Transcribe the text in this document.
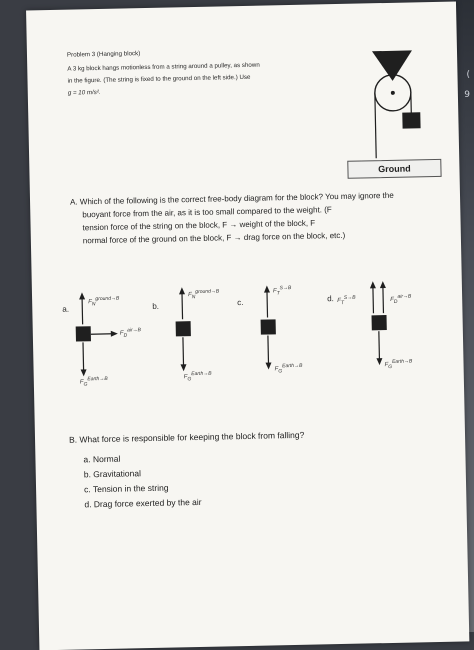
(
9
Problem 3 (Hanging block)
A 3 kg block hangs motionless from a string around a pulley, as shown
in the figure. (The string is fixed to the ground on the left side.) Use
g = 10 m/s².
Ground
A. Which of the following is the correct free-body diagram for the block? You may ignore the
buoyant force from the air, as it is too small compared to the weight. (F
tension force of the string on the block, F → weight of the block, F
normal force of the ground on the block, F → drag force on the block, etc.)
a.
$F_N^{ground\to B}$
$F_D^{air\to B}$
$F_G^{Earth\to B}$
b.
$F_N^{ground\to B}$
$F_G^{Earth\to B}$
c.
$F_T^{S\to B}$
$F_G^{Earth\to B}$
d. $F_T^{S\to B}$	$F_D^{air\to B}$
$F_G^{Earth\to B}$
B. What force is responsible for keeping the block from falling?
a. Normal
b. Gravitational
c. Tension in the string
d. Drag force exerted by the air
